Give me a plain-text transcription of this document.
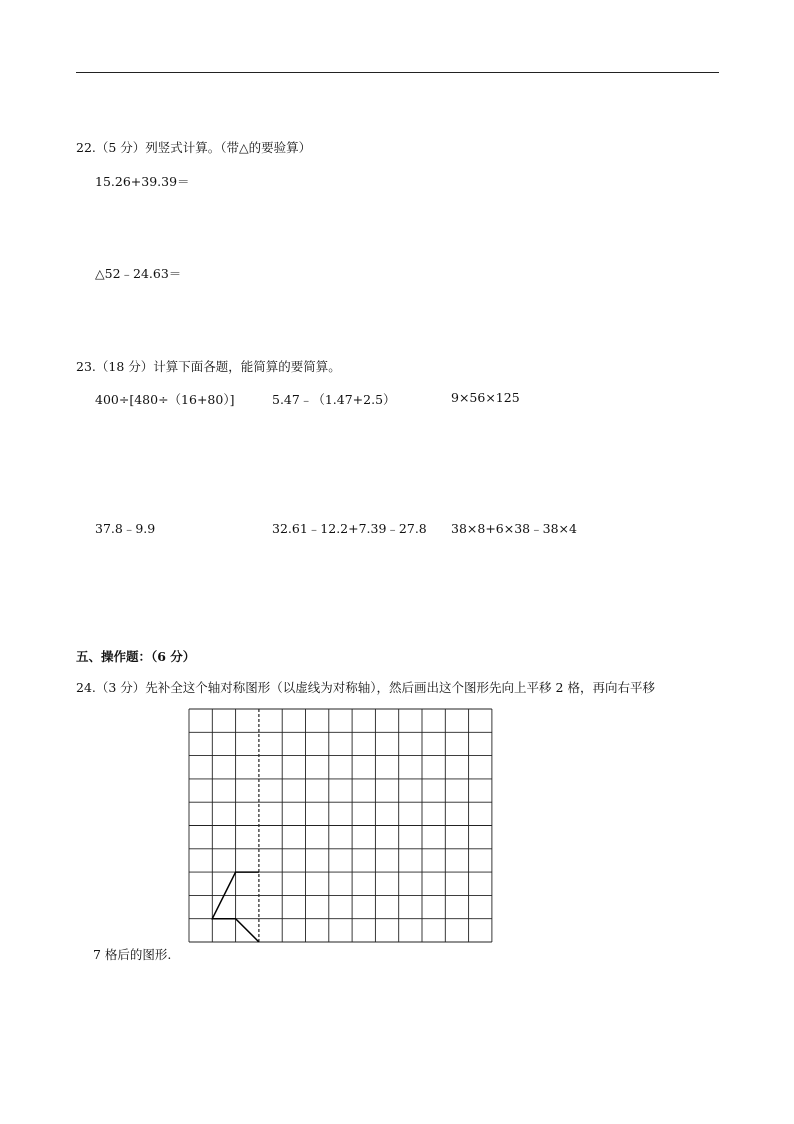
22.（5 分）列竖式计算。（带△的要验算）
15.26+39.39＝
△52﹣24.63＝
23.（18 分）计算下面各题，能简算的要简算。
400÷[480÷（16+80）]	5.47﹣（1.47+2.5）	9×56×125
37.8﹣9.9	32.61﹣12.2+7.39﹣27.8 38×8+6×38﹣38×4
五、操作题：（6 分）
24.（3 分）先补全这个轴对称图形（以虚线为对称轴），然后画出这个图形先向上平移 2 格，再向右平移
7 格后的图形.
